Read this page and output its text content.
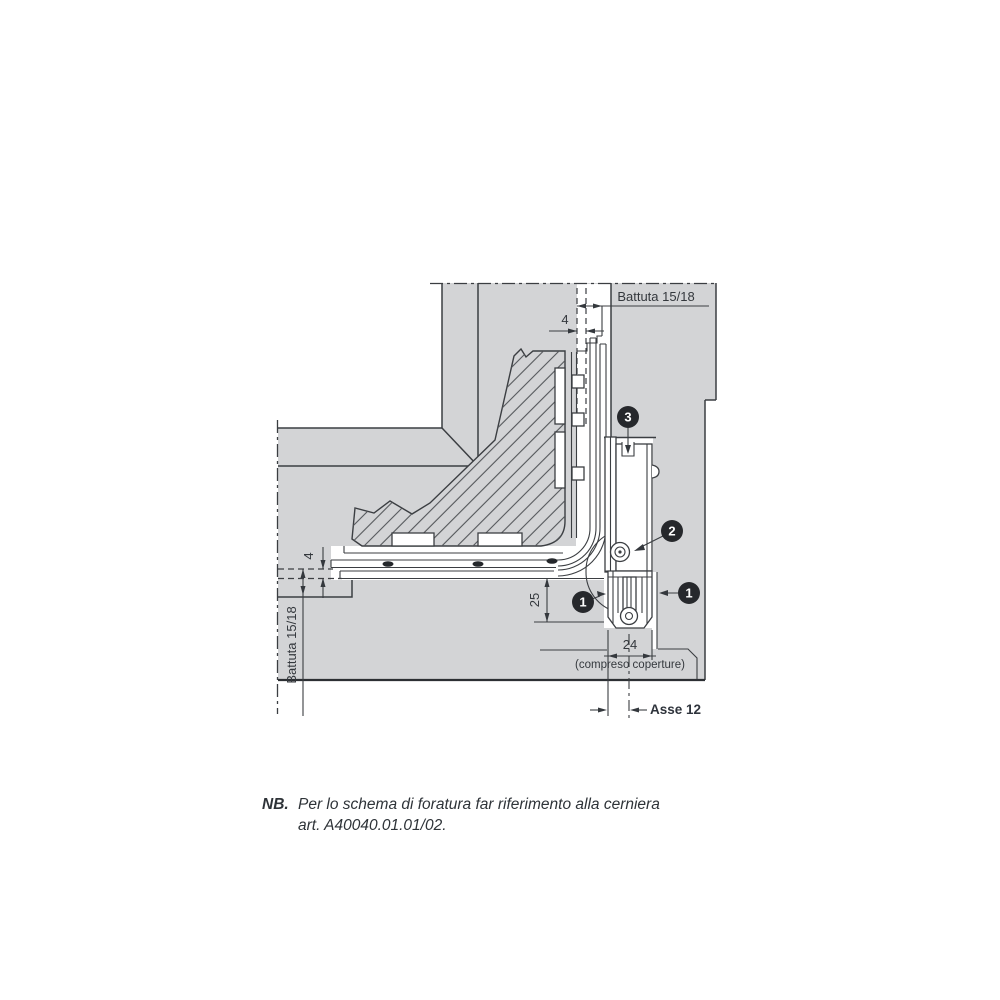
Battuta 15/18
4
Battuta 15/18
4
25
24
(compreso coperture)
Asse 12
3
2
1
1
NB. Per lo schema di foratura far riferimento alla cerniera
art. A40040.01.01/02.
